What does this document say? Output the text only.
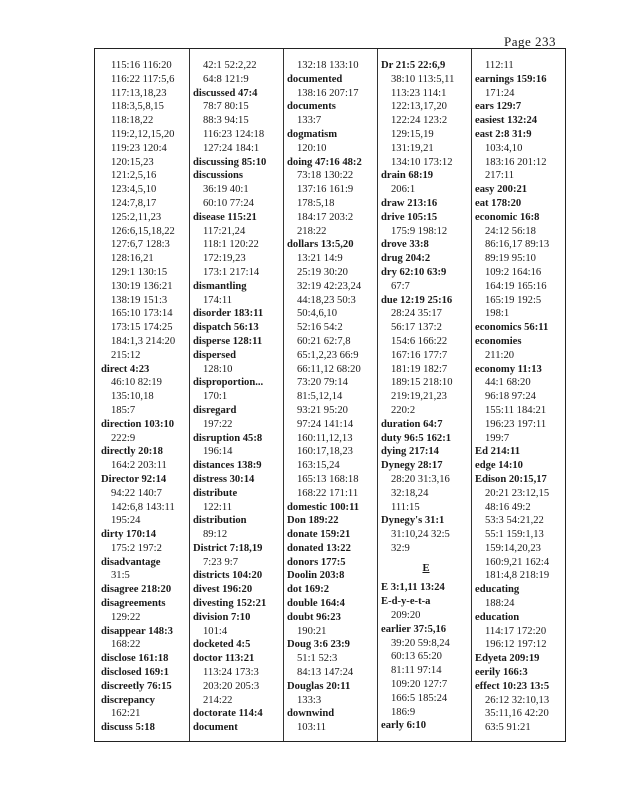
Page 233
115:16 116:20
116:22 117:5,6
117:13,18,23
118:3,5,8,15
118:18,22
119:2,12,15,20
119:23 120:4
120:15,23
121:2,5,16
123:4,5,10
124:7,8,17
125:2,11,23
126:6,15,18,22
127:6,7 128:3
128:16,21
129:1 130:15
130:19 136:21
138:19 151:3
165:10 173:14
173:15 174:25
184:1,3 214:20
215:12
direct 4:23
46:10 82:19
135:10,18
185:7
direction 103:10
222:9
directly 20:18
164:2 203:11
Director 92:14
94:22 140:7
142:6,8 143:11
195:24
dirty 170:14
175:2 197:2
disadvantage
31:5
disagree 218:20
disagreements
129:22
disappear 148:3
168:22
disclose 161:18
disclosed 169:1
discreetly 76:15
discrepancy
162:21
discuss 5:18
42:1 52:2,22
64:8 121:9
discussed 47:4
78:7 80:15
88:3 94:15
116:23 124:18
127:24 184:1
discussing 85:10
discussions
36:19 40:1
60:10 77:24
disease 115:21
117:21,24
118:1 120:22
172:19,23
173:1 217:14
dismantling
174:11
disorder 183:11
dispatch 56:13
disperse 128:11
dispersed
128:10
disproportion...
170:1
disregard
197:22
disruption 45:8
196:14
distances 138:9
distress 30:14
distribute
122:11
distribution
89:12
District 7:18,19
7:23 9:7
districts 104:20
divest 196:20
divesting 152:21
division 7:10
101:4
docketed 4:5
doctor 113:21
113:24 173:3
203:20 205:3
214:22
doctorate 114:4
document
132:18 133:10
documented
138:16 207:17
documents
133:7
dogmatism
120:10
doing 47:16 48:2
73:18 130:22
137:16 161:9
178:5,18
184:17 203:2
218:22
dollars 13:5,20
13:21 14:9
25:19 30:20
32:19 42:23,24
44:18,23 50:3
50:4,6,10
52:16 54:2
60:21 62:7,8
65:1,2,23 66:9
66:11,12 68:20
73:20 79:14
81:5,12,14
93:21 95:20
97:24 141:14
160:11,12,13
160:17,18,23
163:15,24
165:13 168:18
168:22 171:11
domestic 100:11
Don 189:22
donate 159:21
donated 13:22
donors 177:5
Doolin 203:8
dot 169:2
double 164:4
doubt 96:23
190:21
Doug 3:6 23:9
51:1 52:3
84:13 147:24
Douglas 20:11
133:3
downwind
103:11
Dr 21:5 22:6,9
38:10 113:5,11
113:23 114:1
122:13,17,20
122:24 123:2
129:15,19
131:19,21
134:10 173:12
drain 68:19
206:1
draw 213:16
drive 105:15
175:9 198:12
drove 33:8
drug 204:2
dry 62:10 63:9
67:7
due 12:19 25:16
28:24 35:17
56:17 137:2
154:6 166:22
167:16 177:7
181:19 182:7
189:15 218:10
219:19,21,23
220:2
duration 64:7
duty 96:5 162:1
dying 217:14
Dynegy 28:17
28:20 31:3,16
32:18,24
111:15
Dynegy's 31:1
31:10,24 32:5
32:9
E
E 3:1,11 13:24
E-d-y-e-t-a
209:20
earlier 37:5,16
39:20 59:8,24
60:13 65:20
81:11 97:14
109:20 127:7
166:5 185:24
186:9
early 6:10
112:11
earnings 159:16
171:24
ears 129:7
easiest 132:24
east 2:8 31:9
103:4,10
183:16 201:12
217:11
easy 200:21
eat 178:20
economic 16:8
24:12 56:18
86:16,17 89:13
89:19 95:10
109:2 164:16
164:19 165:16
165:19 192:5
198:1
economics 56:11
economies
211:20
economy 11:13
44:1 68:20
96:18 97:24
155:11 184:21
196:23 197:11
199:7
Ed 214:11
edge 14:10
Edison 20:15,17
20:21 23:12,15
48:16 49:2
53:3 54:21,22
55:1 159:1,13
159:14,20,23
160:9,21 162:4
181:4,8 218:19
educating
188:24
education
114:17 172:20
196:12 197:12
Edyeta 209:19
eerily 166:3
effect 10:23 13:5
26:12 32:10,13
35:11,16 42:20
63:5 91:21
